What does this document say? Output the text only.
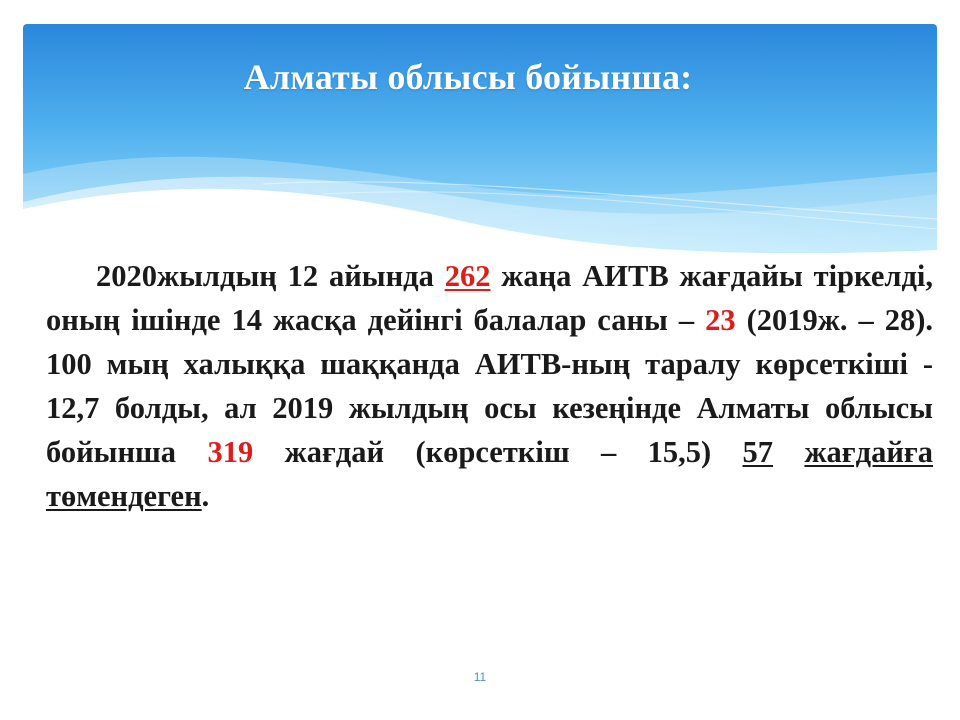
Алматы облысы бойынша:

2020жылдың 12 айында 262 жаңа АИТВ жағдайы тіркелді, оның ішінде 14 жасқа дейінгі балалар саны – 23 (2019ж. – 28). 100 мың халыққа шаққанда АИТВ-ның таралу көрсеткіші - 12,7 болды, ал 2019 жылдың осы кезеңінде Алматы облысы бойынша 319 жағдай (көрсеткіш – 15,5) 57 жағдайға төмендеген.

11
